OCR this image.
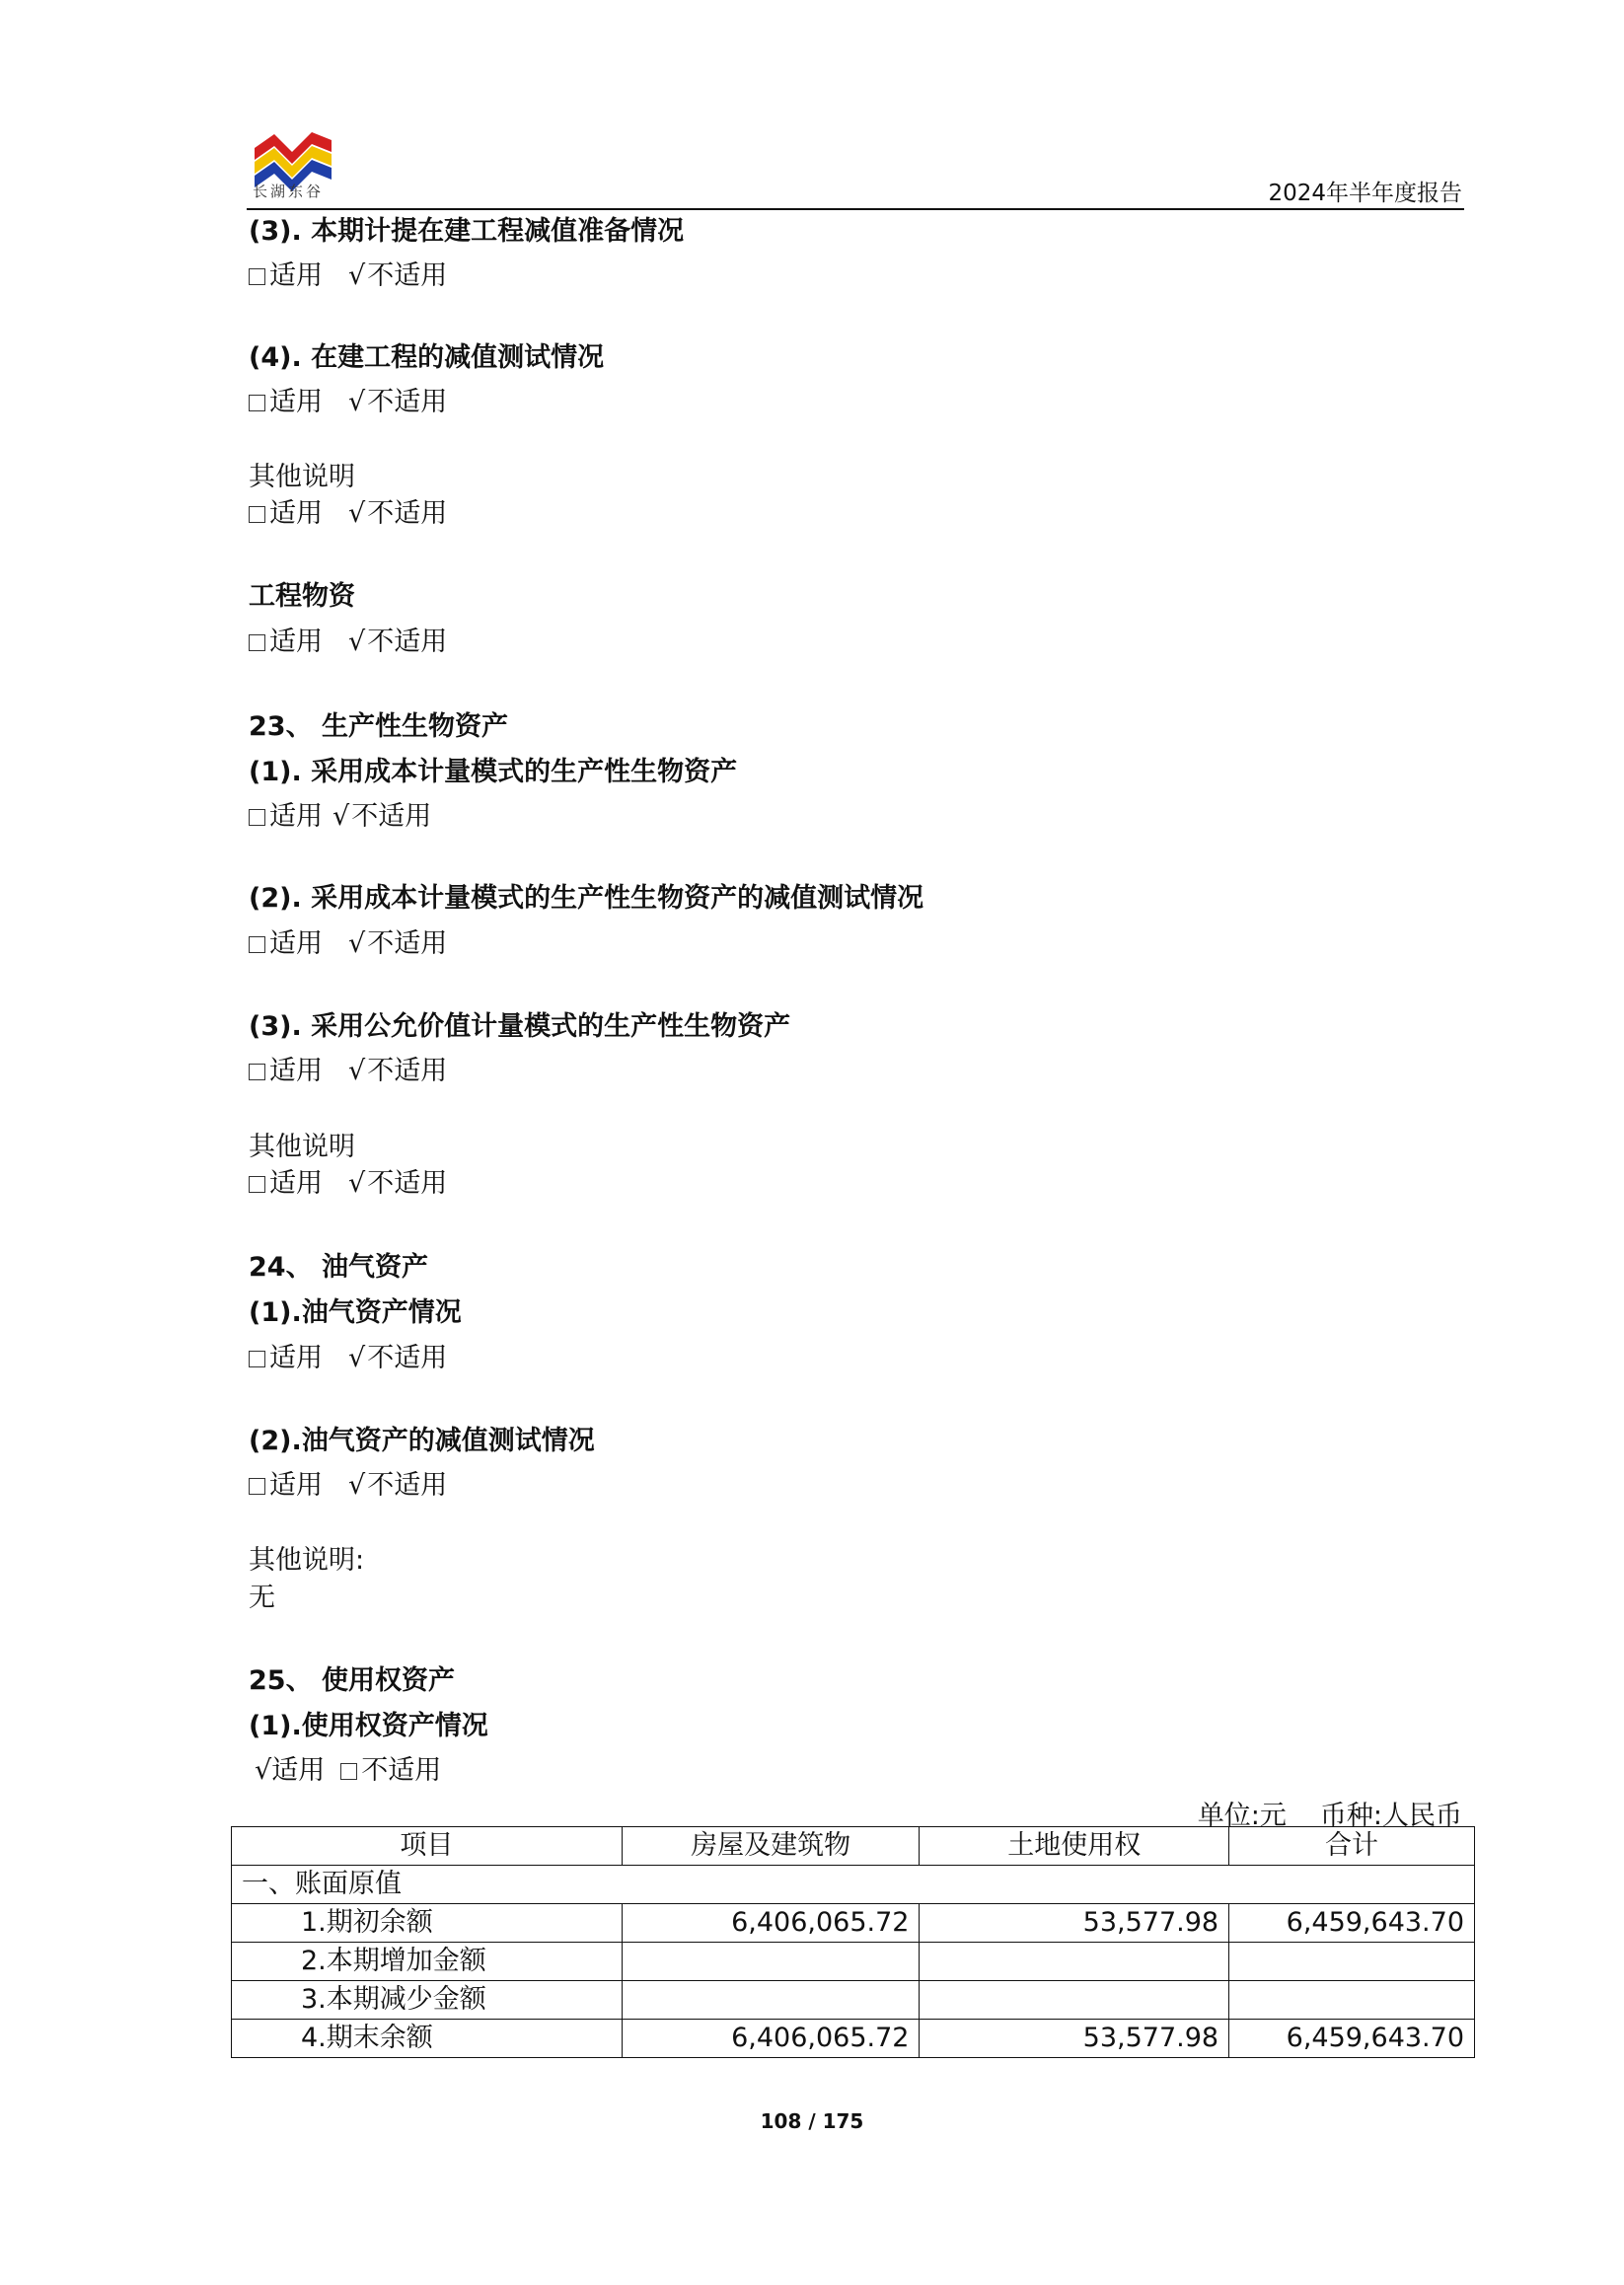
长湖东谷	2024年半年度报告
(3). 本期计提在建工程减值准备情况
适用 √不适用
(4). 在建工程的减值测试情况
适用 √不适用
其他说明
适用 √不适用
工程物资
适用 √不适用
23、 生产性生物资产
(1). 采用成本计量模式的生产性生物资产
适用 √不适用
(2). 采用成本计量模式的生产性生物资产的减值测试情况
适用 √不适用
(3). 采用公允价值计量模式的生产性生物资产
适用 √不适用
其他说明
适用 √不适用
24、 油气资产
(1).油气资产情况
适用 √不适用
(2).油气资产的减值测试情况
适用 √不适用
其他说明:
无
25、 使用权资产
(1).使用权资产情况
√适用 不适用
单位:元 币种:人民币
项目	房屋及建筑物	土地使用权	合计
一、账面原值			
1.期初余额	6,406,065.72	53,577.98	6,459,643.70
2.本期增加金额			
3.本期减少金额			
4.期末余额	6,406,065.72	53,577.98	6,459,643.70
108 / 175
